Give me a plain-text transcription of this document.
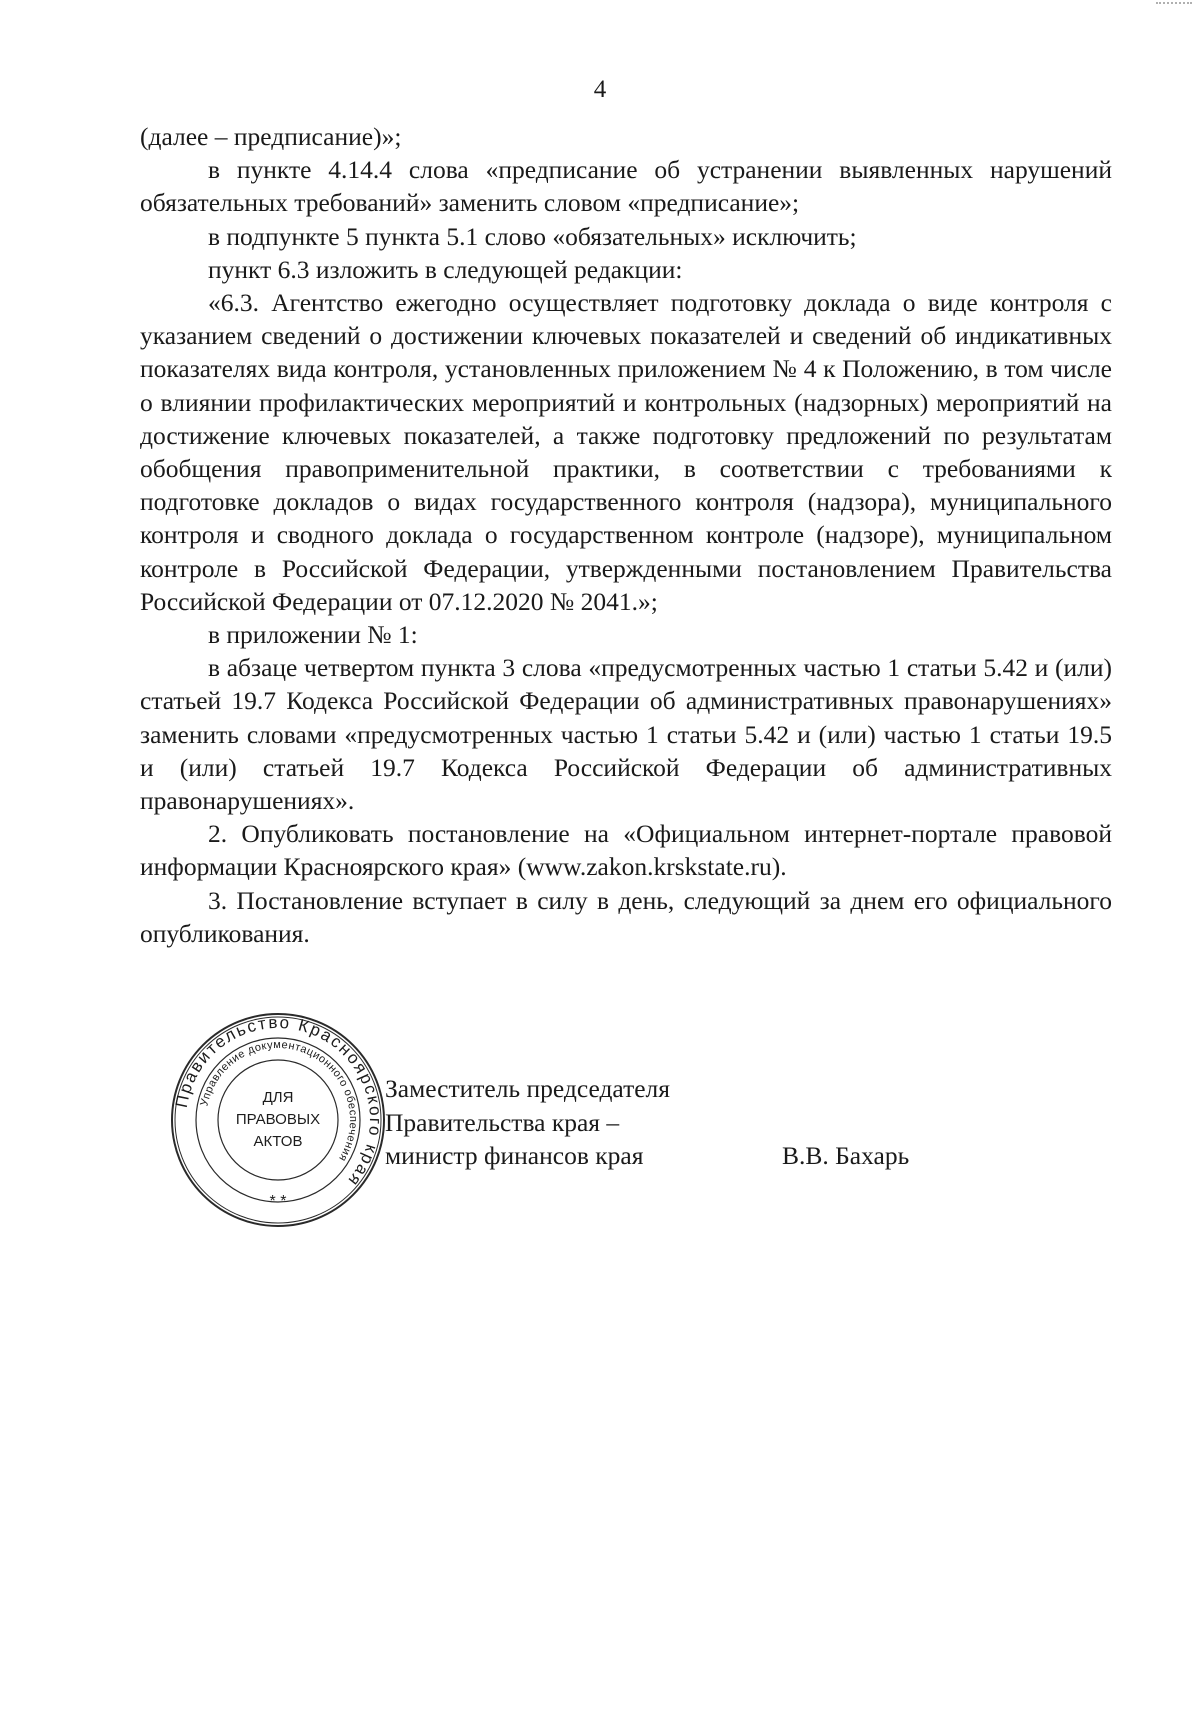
4

(далее – предписание)»;

в пункте 4.14.4 слова «предписание об устранении выявленных нарушений обязательных требований» заменить словом «предписание»;

в подпункте 5 пункта 5.1 слово «обязательных» исключить;

пункт 6.3 изложить в следующей редакции:

«6.3. Агентство ежегодно осуществляет подготовку доклада о виде контроля с указанием сведений о достижении ключевых показателей и сведений об индикативных показателях вида контроля, установленных приложением № 4 к Положению, в том числе о влиянии профилактических мероприятий и контрольных (надзорных) мероприятий на достижение ключевых показателей, а также подготовку предложений по результатам обобщения правоприменительной практики, в соответствии с требованиями к подготовке докладов о видах государственного контроля (надзора), муниципального контроля и сводного доклада о государственном контроле (надзоре), муниципальном контроле в Российской Федерации, утвержденными постановлением Правительства Российской Федерации от 07.12.2020 № 2041.»;

в приложении № 1:

в абзаце четвертом пункта 3 слова «предусмотренных частью 1 статьи 5.42 и (или) статьей 19.7 Кодекса Российской Федерации об административных правонарушениях» заменить словами «предусмотренных частью 1 статьи 5.42 и (или) частью 1 статьи 19.5 и (или) статьей 19.7 Кодекса Российской Федерации об административных правонарушениях».

2. Опубликовать постановление на «Официальном интернет-портале правовой информации Красноярского края» (www.zakon.krskstate.ru).

3. Постановление вступает в силу в день, следующий за днем его официального опубликования.

Правительство Красноярского края
Управление документационного обеспечения
ДЛЯ
ПРАВОВЫХ
АКТОВ
* *
Заместитель председателя
Правительства края –
министр финансов края	В.В. Бахарь
